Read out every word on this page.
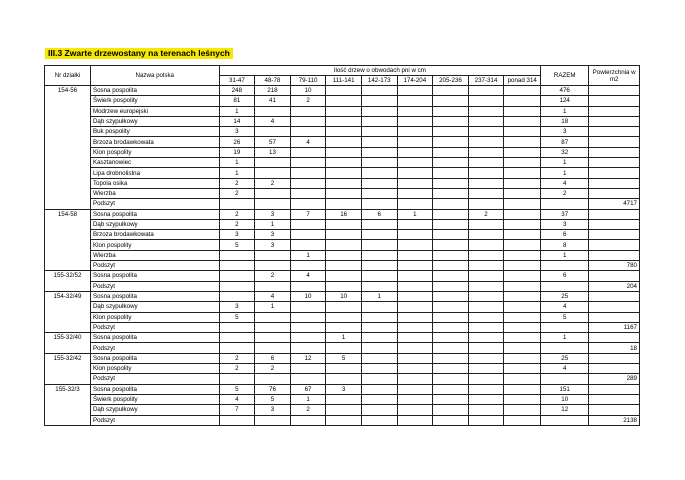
III.3 Zwarte drzewostany na terenach leśnych
Nr działki	Nazwa polska	Ilość drzew o obwodach pni w cm									RAZEM	Powierzchnia w m2
		31-47	48-78	79-110	111-141	142-173	174-204	205-236	237-314	ponad 314		
154-56	Sosna pospolita	248	218	10							476	
	Świerk pospolity	81	41	2							124	
	Modrzew europejski	1									1	
	Dąb szypułkowy	14	4								18	
	Buk pospolity	3									3	
	Brzoza brodawkowata	26	57	4							87	
	Klon pospolity	19	13								32	
	Kasztanowiec	1									1	
	Lipa drobnolistna	1									1	
	Topola osika	2	2								4	
	Wierzba	2									2	
	Podszyt											4717
154-58	Sosna pospolita	2	3	7	16	6	1		2		37	
	Dąb szypułkowy	2	1								3	
	Brzoza brodawkowata	3	3								6	
	Klon pospolity	5	3								8	
	Wierzba			1							1	
	Podszyt											780
155-32/52	Sosna pospolita		2	4							6	
	Podszyt											204
154-32/49	Sosna pospolita		4	10	10	1					25	
	Dąb szypułkowy	3	1								4	
	Klon pospolity	5									5	
	Podszyt											1167
155-32/40	Sosna pospolita				1						1	
	Podszyt											18
155-32/42	Sosna pospolita	2	6	12	5						25	
	Klon pospolity	2	2								4	
	Podszyt											289
155-32/3	Sosna pospolita	5	76	67	3						151	
	Świerk pospolity	4	5	1							10	
	Dąb szypułkowy	7	3	2							12	
	Podszyt											2138
